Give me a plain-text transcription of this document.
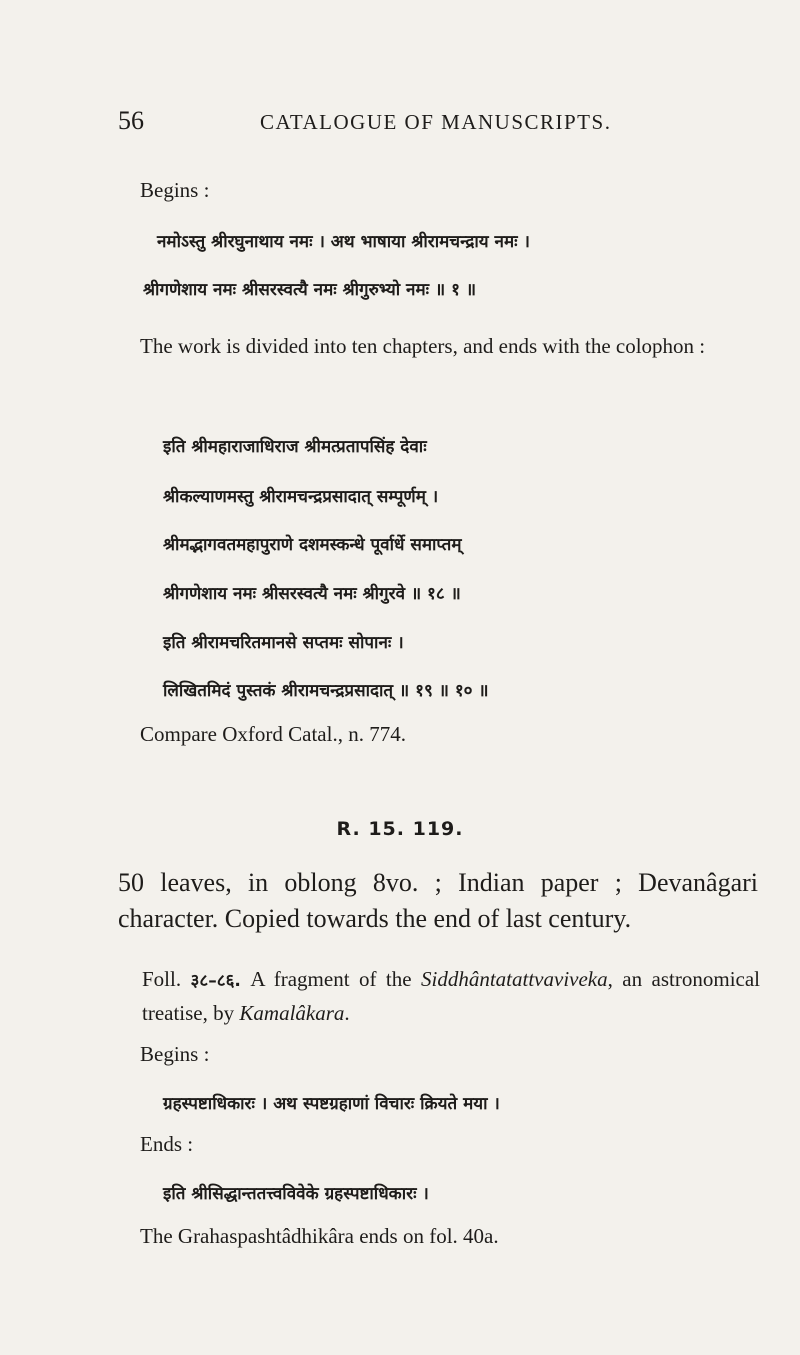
56	CATALOGUE OF MANUSCRIPTS.
Begins :
नमोऽस्तु श्रीरघुनाथाय नमः । अथ भाषाया श्रीरामचन्द्राय नमः ।
श्रीगणेशाय नमः श्रीसरस्वत्यै नमः श्रीगुरुभ्यो नमः ॥ १ ॥
The work is divided into ten chapters, and ends with the colophon :
इति श्रीमहाराजाधिराज श्रीमत्प्रतापसिंह देवाः
श्रीकल्याणमस्तु श्रीरामचन्द्रप्रसादात् सम्पूर्णम् ।
श्रीमद्भागवतमहापुराणे दशमस्कन्धे पूर्वार्धे समाप्तम्
श्रीगणेशाय नमः श्रीसरस्वत्यै नमः श्रीगुरवे ॥ १८ ॥
इति श्रीरामचरितमानसे सप्तमः सोपानः ।
लिखितमिदं पुस्तकं श्रीरामचन्द्रप्रसादात् ॥ १९ ॥ १० ॥
Compare Oxford Catal., n. 774.
R. 15. 119.
50 leaves, in oblong 8vo. ; Indian paper ; Devanâgari character. Copied towards the end of last century.
Foll. ३८–८६. A fragment of the Siddhântatattvaviveka, an astronomical treatise, by Kamalâkara.
Begins :
ग्रहस्पष्टाधिकारः । अथ स्पष्टग्रहाणां विचारः क्रियते मया ।
Ends :
इति श्रीसिद्धान्ततत्त्वविवेके ग्रहस्पष्टाधिकारः ।
The Grahaspashtâdhikâra ends on fol. 40a.
